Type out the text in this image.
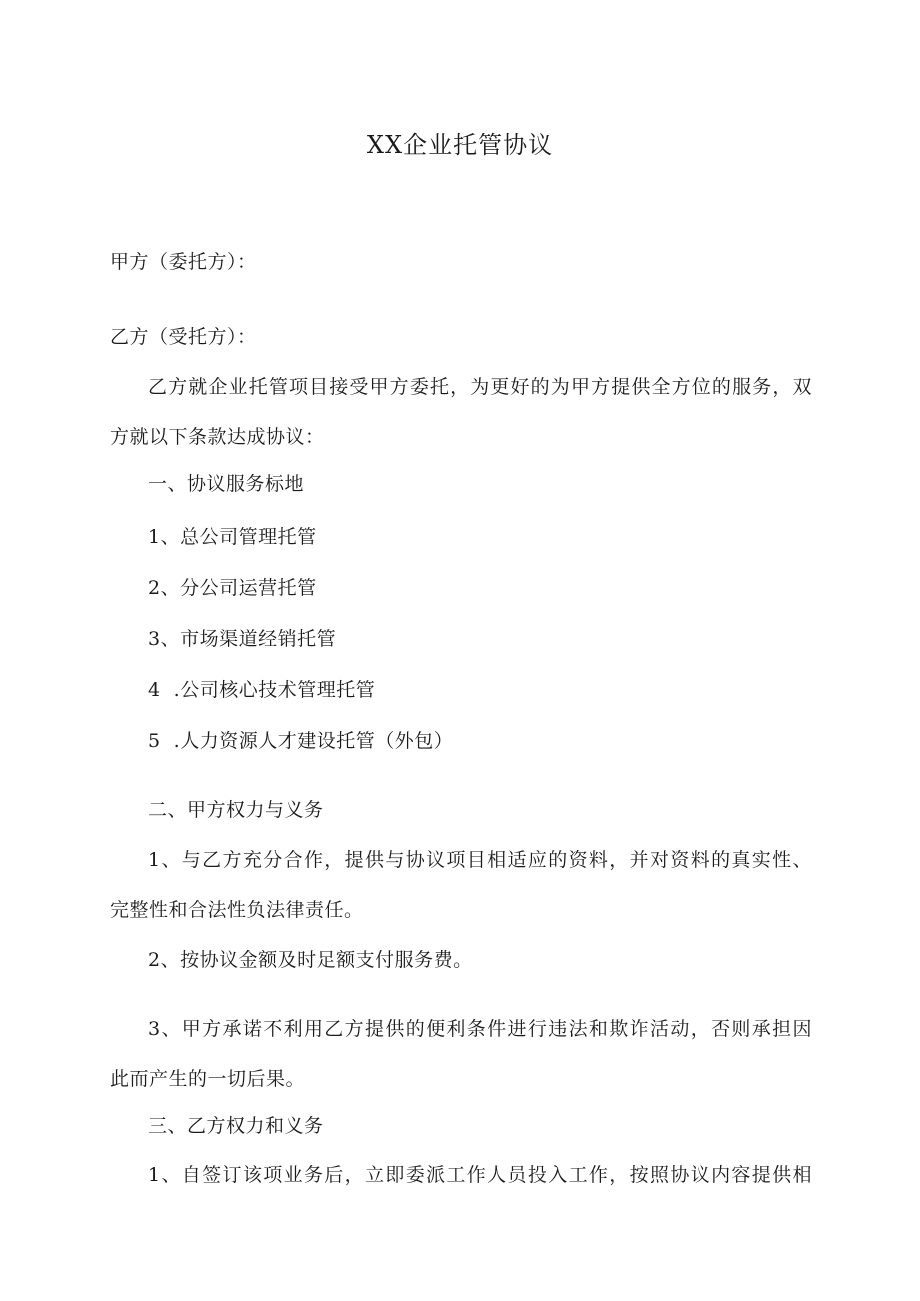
XX企业托管协议
甲方（委托方）：
乙方（受托方）：
乙方就企业托管项目接受甲方委托，为更好的为甲方提供全方位的服务，双
方就以下条款达成协议：
一、协议服务标地
1、总公司管理托管
2、分公司运营托管
3、市场渠道经销托管
4  .公司核心技术管理托管
5  .人力资源人才建设托管（外包）
二、甲方权力与义务
1、与乙方充分合作，提供与协议项目相适应的资料，并对资料的真实性、
完整性和合法性负法律责任。
2、按协议金额及时足额支付服务费。
3、甲方承诺不利用乙方提供的便利条件进行违法和欺诈活动，否则承担因
此而产生的一切后果。
三、乙方权力和义务
1、自签订该项业务后，立即委派工作人员投入工作，按照协议内容提供相
